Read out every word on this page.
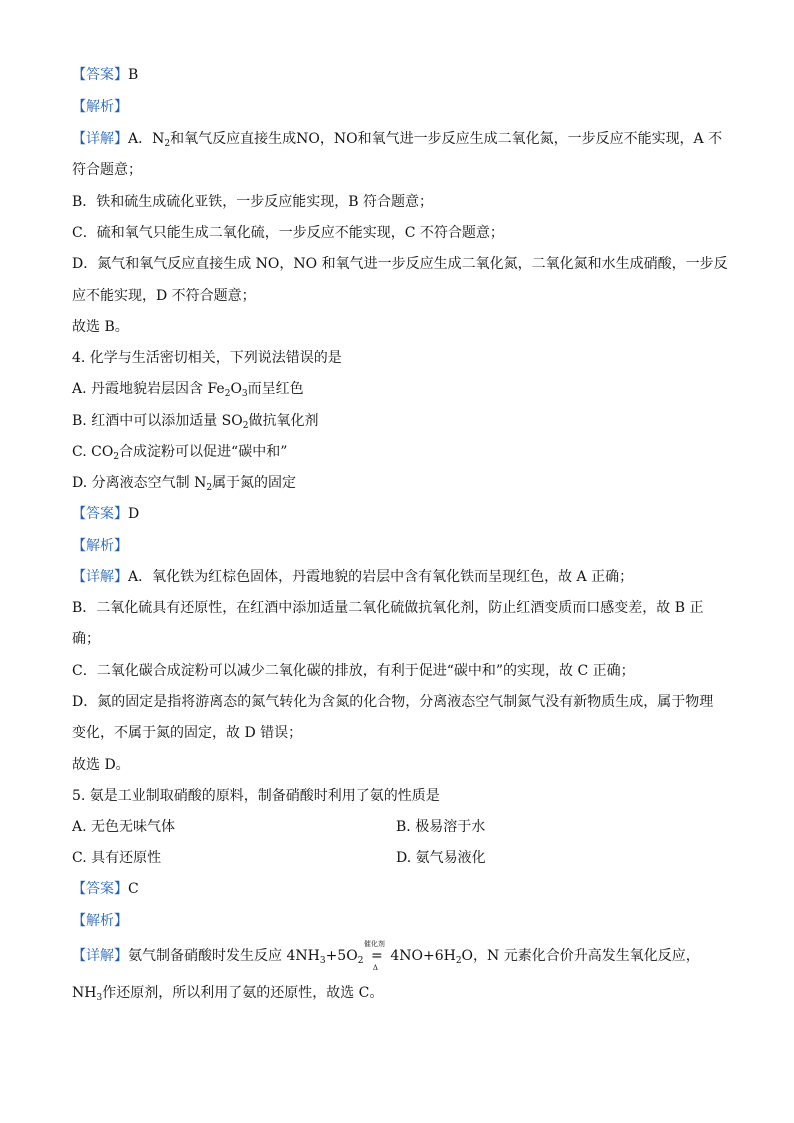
【答案】B
【解析】
【详解】A．$N_2$和氧气反应直接生成NO，NO和氧气进一步反应生成二氧化氮，一步反应不能实现，A 不
符合题意；
B．铁和硫生成硫化亚铁，一步反应能实现，B 符合题意；
C．硫和氧气只能生成二氧化硫，一步反应不能实现，C 不符合题意；
D．氮气和氧气反应直接生成 NO，NO 和氧气进一步反应生成二氧化氮，二氧化氮和水生成硝酸，一步反
应不能实现，D 不符合题意；
故选 B。
4. 化学与生活密切相关，下列说法错误的是
A. 丹霞地貌岩层因含 $Fe_2O_3$而呈红色
B. 红酒中可以添加适量 $SO_2$做抗氧化剂
C. $CO_2$合成淀粉可以促进“碳中和”
D. 分离液态空气制 $N_2$属于氮的固定
【答案】D
【解析】
【详解】A．氧化铁为红棕色固体，丹霞地貌的岩层中含有氧化铁而呈现红色，故 A 正确；
B．二氧化硫具有还原性，在红酒中添加适量二氧化硫做抗氧化剂，防止红酒变质而口感变差，故 B 正
确；
C．二氧化碳合成淀粉可以减少二氧化碳的排放，有利于促进“碳中和”的实现，故 C 正确；
D．氮的固定是指将游离态的氮气转化为含氮的化合物，分离液态空气制氮气没有新物质生成，属于物理
变化，不属于氮的固定，故 D 错误；
故选 D。
5. 氨是工业制取硝酸的原料，制备硝酸时利用了氨的性质是
A. 无色无味气体	B. 极易溶于水
C. 具有还原性	D. 氨气易液化
【答案】C
【解析】
【详解】氨气制备硝酸时发生反应 $4NH_3+5O_2$
催化剂
=
Δ
$4NO+6H_2O$，N 元素化合价升高发生氧化反应，
$NH_3$作还原剂，所以利用了氨的还原性，故选 C。
